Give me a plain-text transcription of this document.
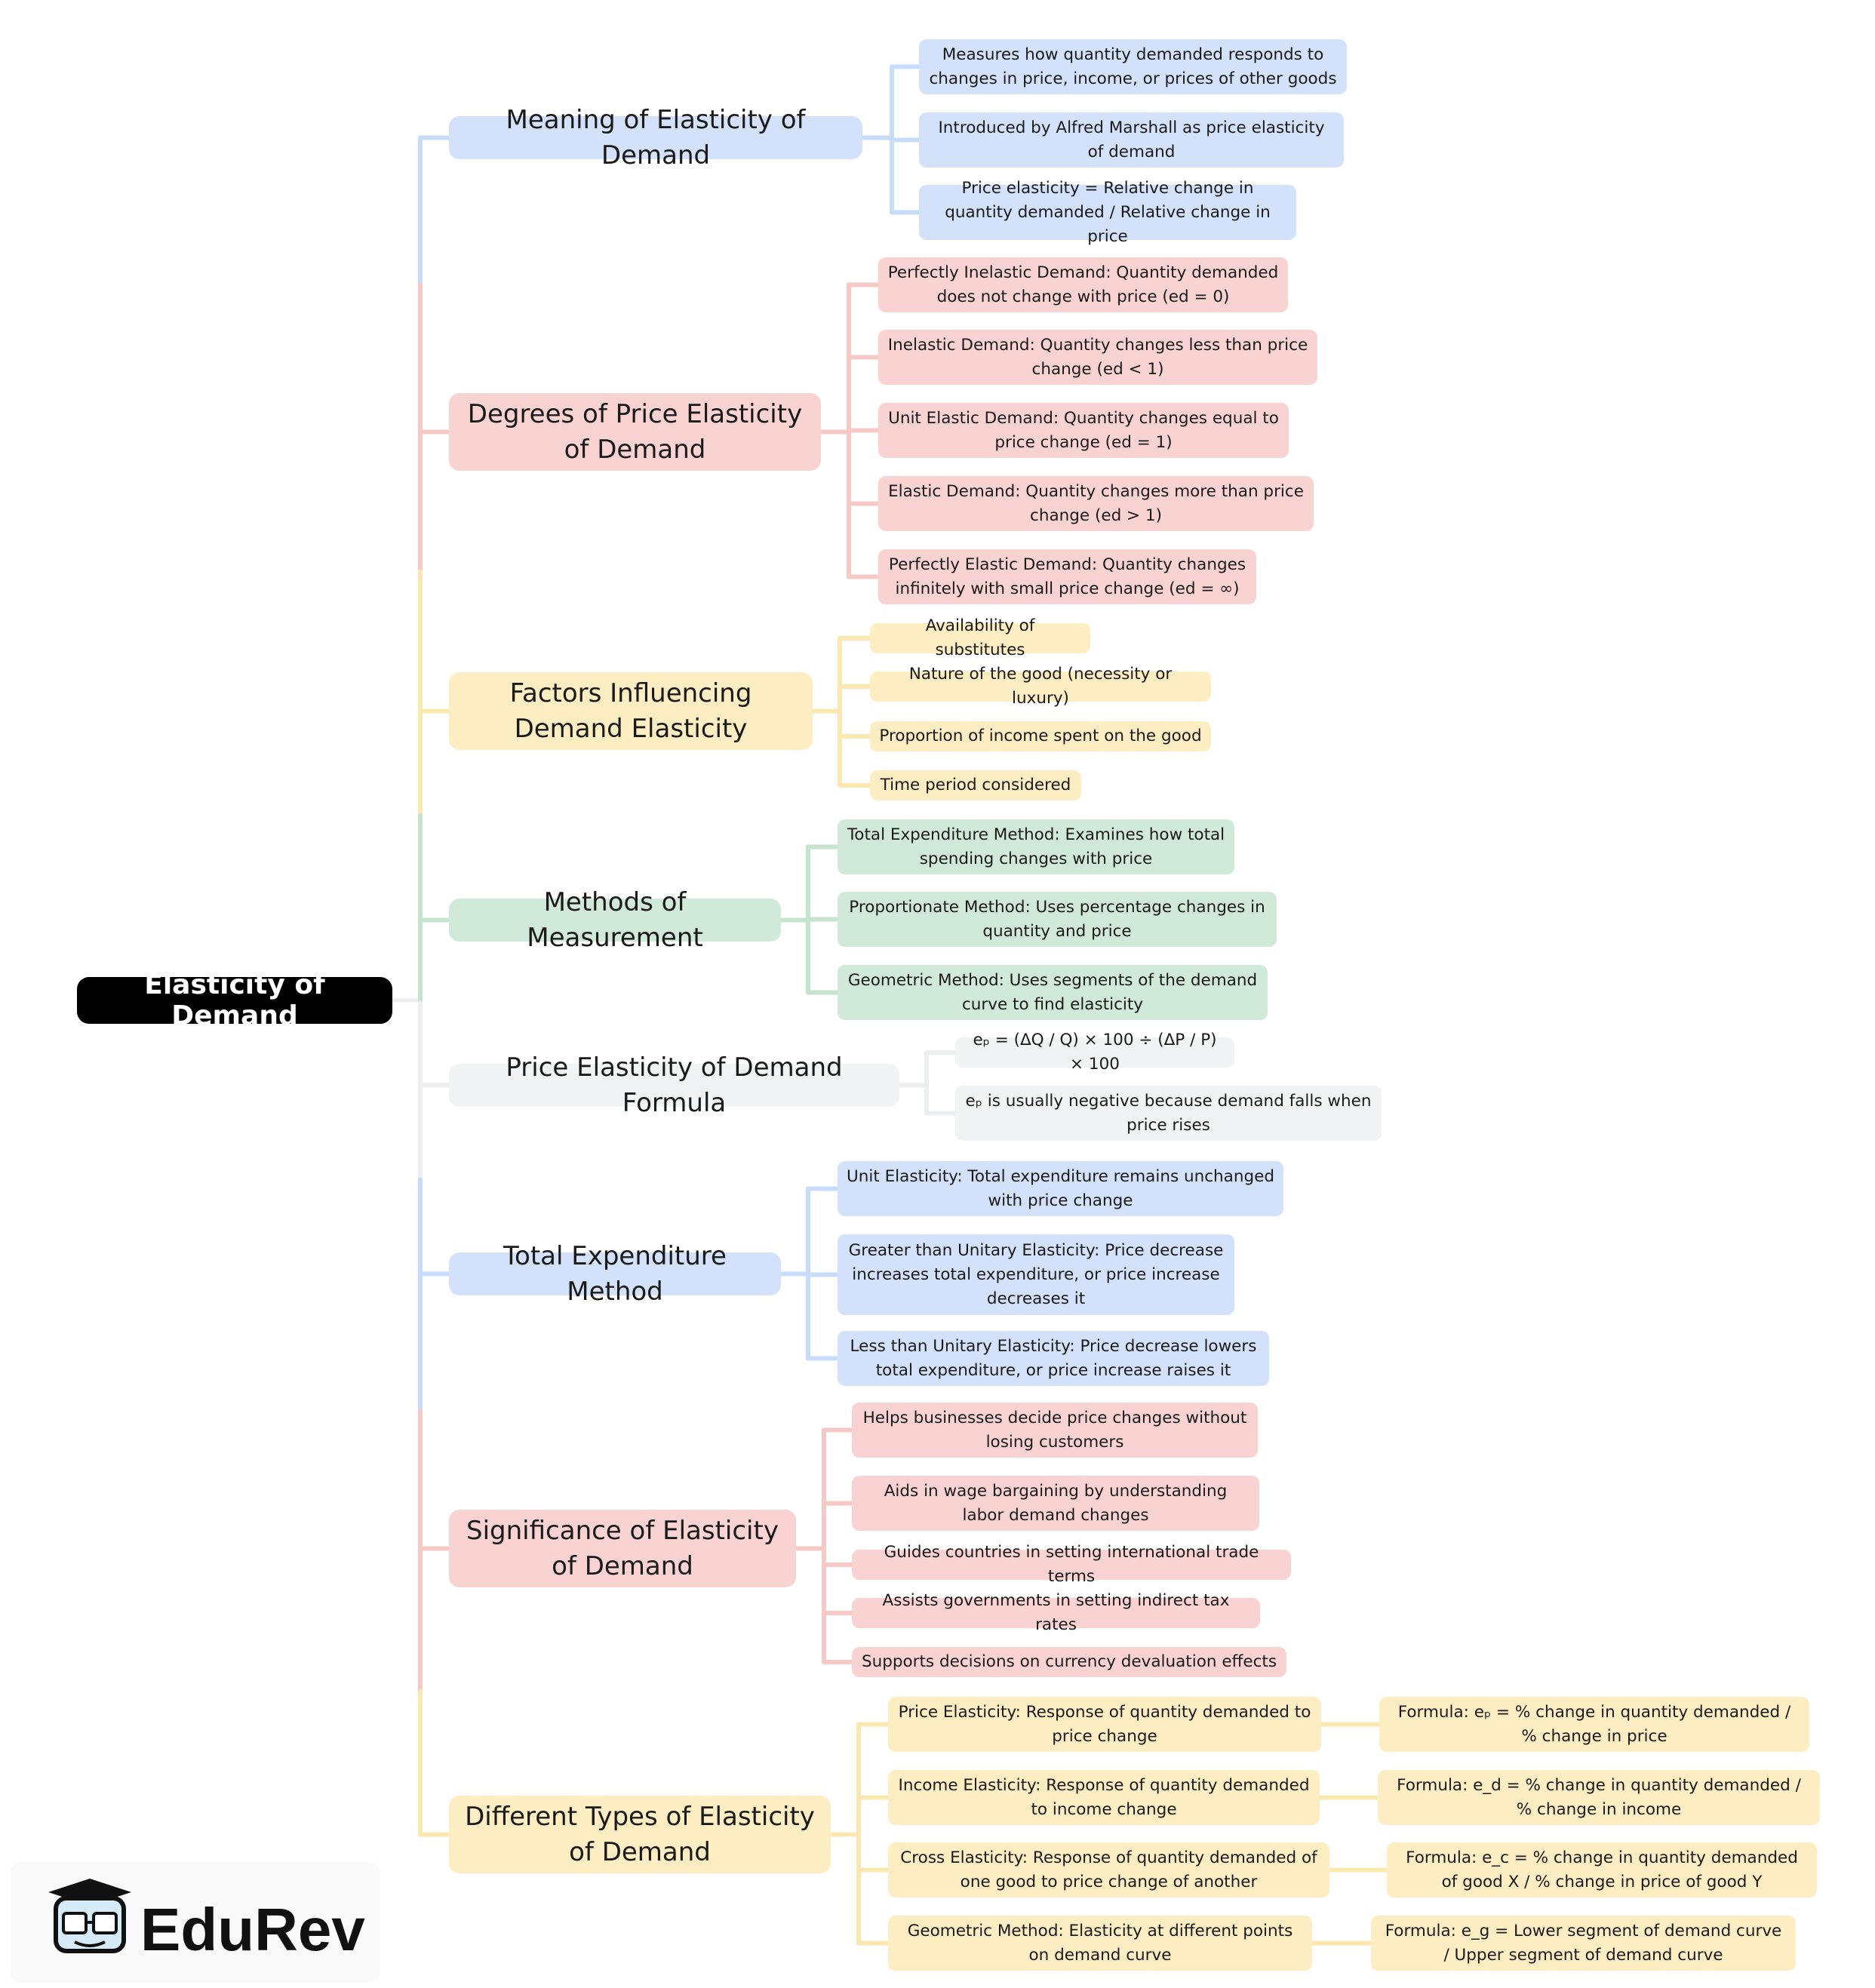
Elasticity of Demand
Meaning of Elasticity of Demand
Measures how quantity demanded responds to changes in price, income, or prices of other goods
Introduced by Alfred Marshall as price elasticity of demand
Price elasticity = Relative change in quantity demanded / Relative change in price
Degrees of Price Elasticity of Demand
Perfectly Inelastic Demand: Quantity demanded does not change with price (ed = 0)
Inelastic Demand: Quantity changes less than price change (ed < 1)
Unit Elastic Demand: Quantity changes equal to price change (ed = 1)
Elastic Demand: Quantity changes more than price change (ed > 1)
Perfectly Elastic Demand: Quantity changes infinitely with small price change (ed = ∞)
Factors Influencing Demand Elasticity
Availability of substitutes
Nature of the good (necessity or luxury)
Proportion of income spent on the good
Time period considered
Methods of Measurement
Total Expenditure Method: Examines how total spending changes with price
Proportionate Method: Uses percentage changes in quantity and price
Geometric Method: Uses segments of the demand curve to find elasticity
Price Elasticity of Demand Formula
eₚ = (ΔQ / Q) × 100 ÷ (ΔP / P) × 100
eₚ is usually negative because demand falls when price rises
Total Expenditure Method
Unit Elasticity: Total expenditure remains unchanged with price change
Greater than Unitary Elasticity: Price decrease increases total expenditure, or price increase decreases it
Less than Unitary Elasticity: Price decrease lowers total expenditure, or price increase raises it
Significance of Elasticity of Demand
Helps businesses decide price changes without losing customers
Aids in wage bargaining by understanding labor demand changes
Guides countries in setting international trade terms
Assists governments in setting indirect tax rates
Supports decisions on currency devaluation effects
Different Types of Elasticity of Demand
Price Elasticity: Response of quantity demanded to price change
Formula: eₚ = % change in quantity demanded / % change in price
Income Elasticity: Response of quantity demanded to income change
Formula: e_d = % change in quantity demanded / % change in income
Cross Elasticity: Response of quantity demanded of one good to price change of another
Formula: e_c = % change in quantity demanded of good X / % change in price of good Y
Geometric Method: Elasticity at different points on demand curve
Formula: e_g = Lower segment of demand curve / Upper segment of demand curve
EduRev
